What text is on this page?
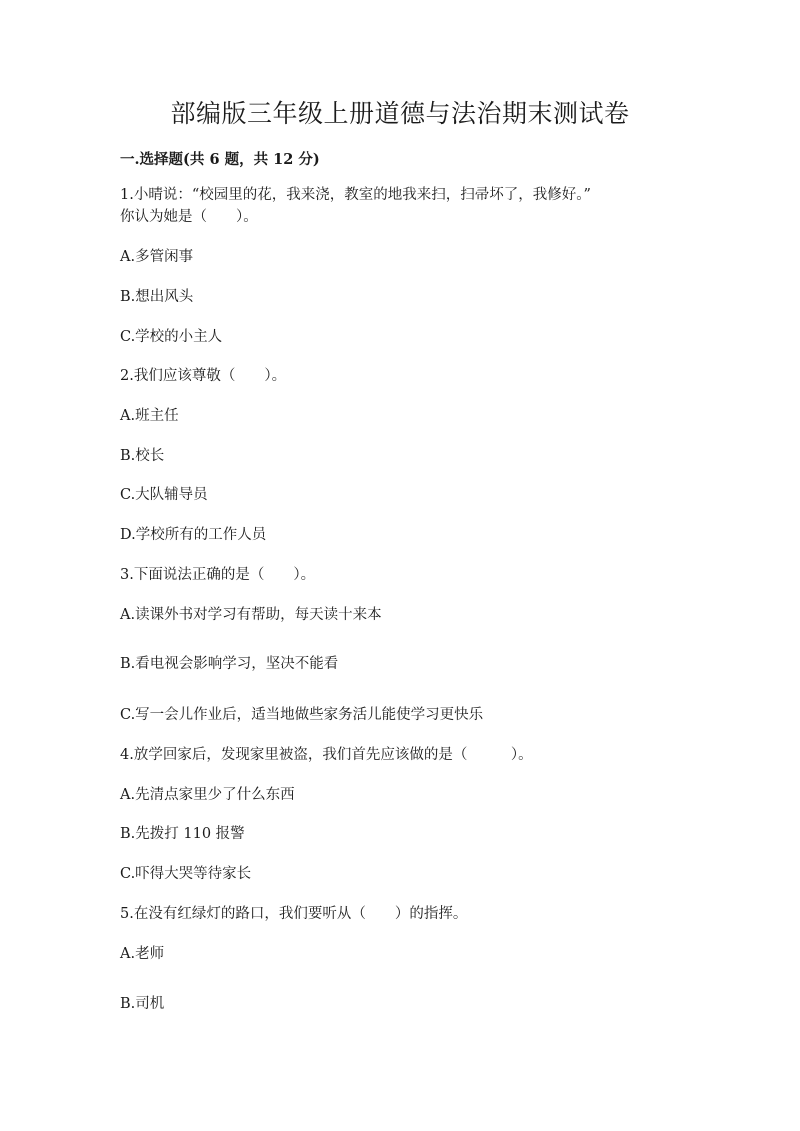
部编版三年级上册道德与法治期末测试卷
一.选择题(共 6 题，共 12 分)
1.小晴说：“校园里的花，我来浇，教室的地我来扫，扫帚坏了，我修好。”
你认为她是（　　）。
A.多管闲事
B.想出风头
C.学校的小主人
2.我们应该尊敬（　　）。
A.班主任
B.校长
C.大队辅导员
D.学校所有的工作人员
3.下面说法正确的是（　　）。
A.读课外书对学习有帮助，每天读十来本
B.看电视会影响学习，坚决不能看
C.写一会儿作业后，适当地做些家务活儿能使学习更快乐
4.放学回家后，发现家里被盗，我们首先应该做的是（　　　）。
A.先清点家里少了什么东西
B.先拨打 110 报警
C.吓得大哭等待家长
5.在没有红绿灯的路口，我们要听从（　　）的指挥。
A.老师
B.司机
